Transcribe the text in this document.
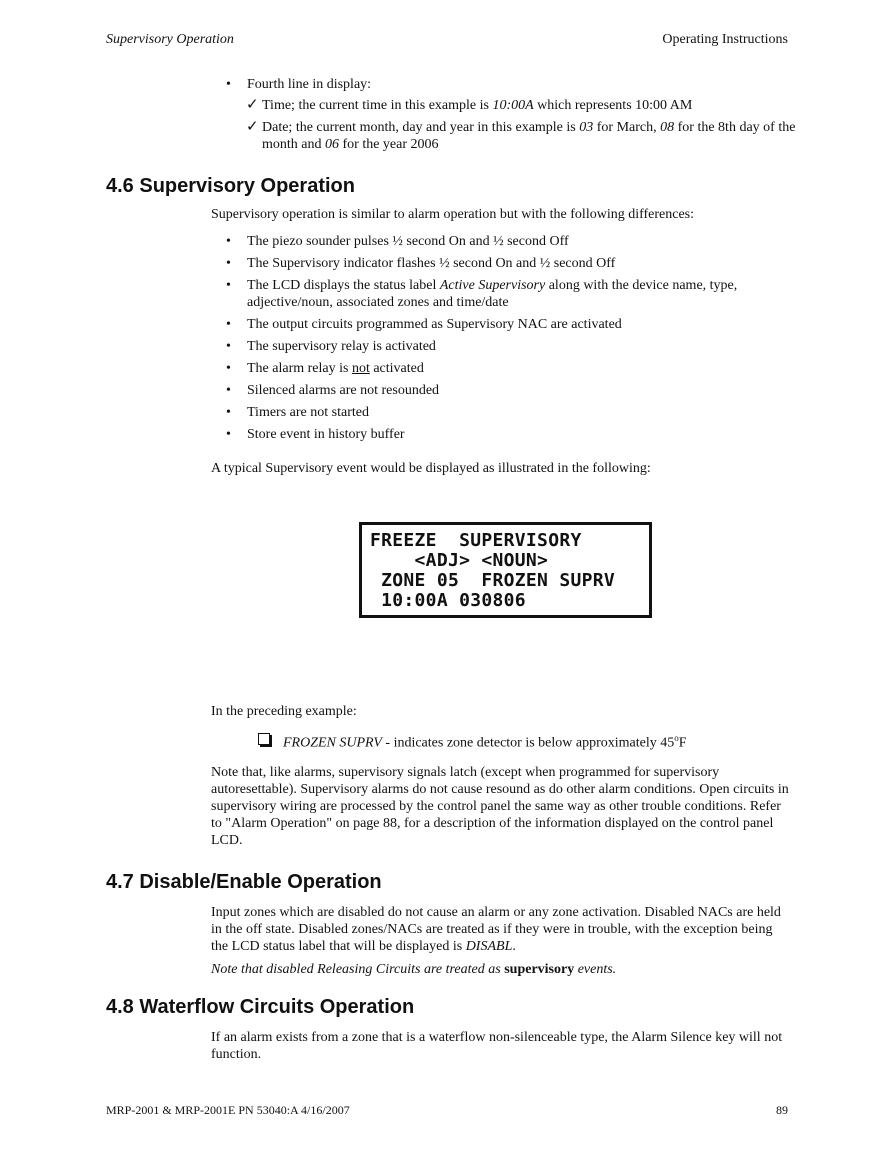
Supervisory Operation	Operating Instructions
• Fourth line in display:
✓ Time; the current time in this example is 10:00A which represents 10:00 AM
✓ Date; the current month, day and year in this example is 03 for March, 08 for the 8th day of the month and 06 for the year 2006
4.6 Supervisory Operation

Supervisory operation is similar to alarm operation but with the following differences:

• The piezo sounder pulses ½ second On and ½ second Off
• The Supervisory indicator flashes ½ second On and ½ second Off
• The LCD displays the status label Active Supervisory along with the device name, type, adjective/noun, associated zones and time/date
• The output circuits programmed as Supervisory NAC are activated
• The supervisory relay is activated
• The alarm relay is not activated
• Silenced alarms are not resounded
• Timers are not started
• Store event in history buffer

A typical Supervisory event would be displayed as illustrated in the following:

FREEZE  SUPERVISORY
<ADJ> <NOUN>
ZONE 05  FROZEN SUPRV
10:00A 030806

In the preceding example:

FROZEN SUPRV - indicates zone detector is below approximately 45$^o$F

Note that, like alarms, supervisory signals latch (except when programmed for supervisory autoresettable). Supervisory alarms do not cause resound as do other alarm conditions. Open circuits in supervisory wiring are processed by the control panel the same way as other trouble conditions. Refer to "Alarm Operation" on page 88, for a description of the information displayed on the control panel LCD.

4.7 Disable/Enable Operation

Input zones which are disabled do not cause an alarm or any zone activation. Disabled NACs are held in the off state. Disabled zones/NACs are treated as if they were in trouble, with the exception being the LCD status label that will be displayed is DISABL.

Note that disabled Releasing Circuits are treated as supervisory events.

4.8 Waterflow Circuits Operation

If an alarm exists from a zone that is a waterflow non-silenceable type, the Alarm Silence key will not function.

MRP-2001 & MRP-2001E PN 53040:A 4/16/2007	89
